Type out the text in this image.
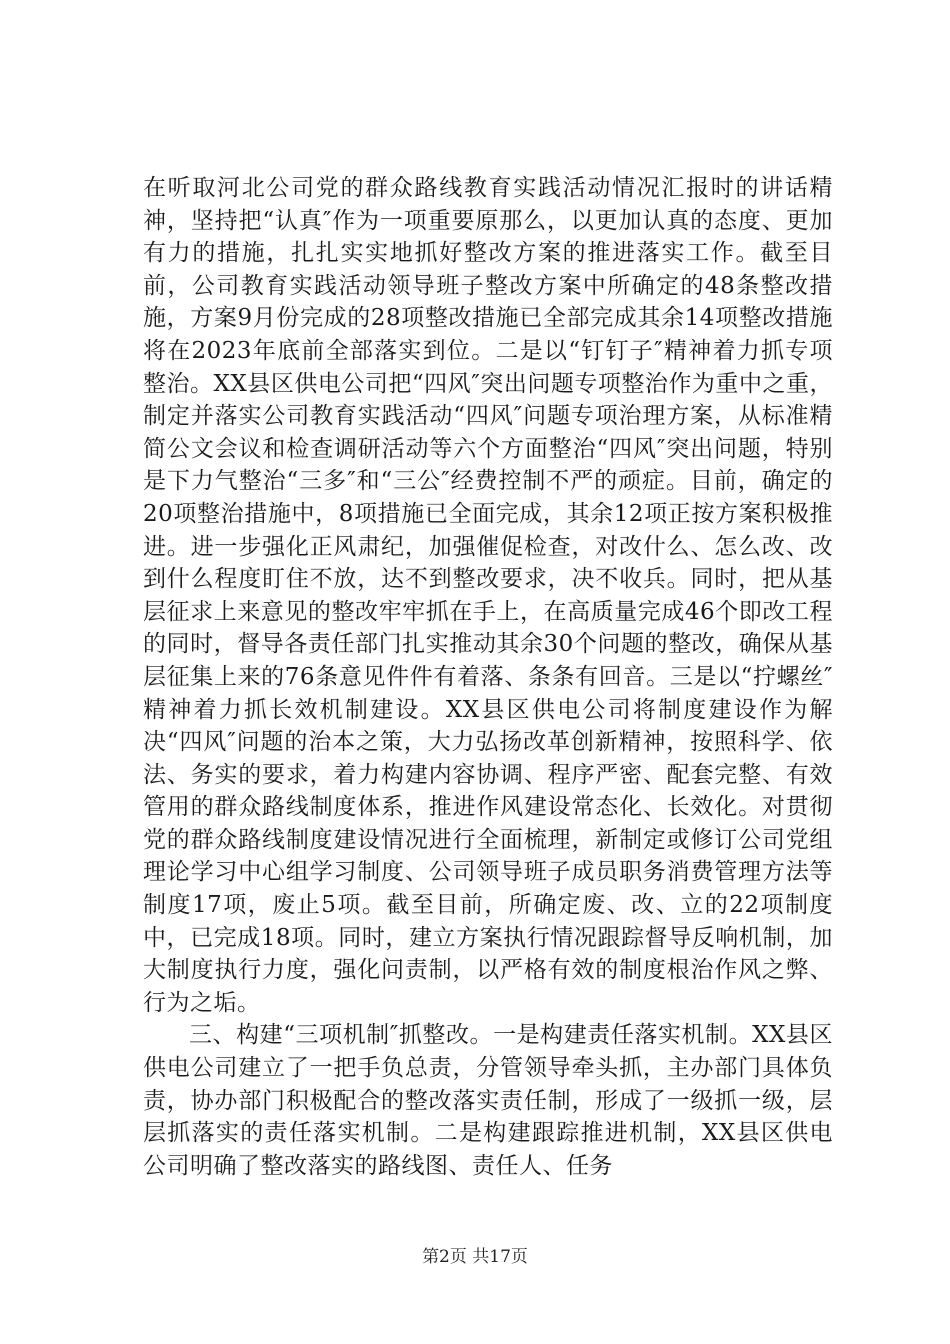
在听取河北公司党的群众路线教育实践活动情况汇报时的讲话精神，坚持把“认真″作为一项重要原那么，以更加认真的态度、更加有力的措施，扎扎实实地抓好整改方案的推进落实工作。截至目前，公司教育实践活动领导班子整改方案中所确定的48条整改措施，方案9月份完成的28项整改措施已全部完成其余14项整改措施将在2023年底前全部落实到位。二是以“钉钉子″精神着力抓专项整治。XX县区供电公司把“四风″突出问题专项整治作为重中之重，制定并落实公司教育实践活动“四风″问题专项治理方案，从标准精简公文会议和检查调研活动等六个方面整治“四风″突出问题，特别是下力气整治“三多″和“三公″经费控制不严的顽症。目前，确定的20项整治措施中，8项措施已全面完成，其余12项正按方案积极推进。进一步强化正风肃纪，加强催促检查，对改什么、怎么改、改到什么程度盯住不放，达不到整改要求，决不收兵。同时，把从基层征求上来意见的整改牢牢抓在手上，在高质量完成46个即改工程的同时，督导各责任部门扎实推动其余30个问题的整改，确保从基层征集上来的76条意见件件有着落、条条有回音。三是以“拧螺丝″精神着力抓长效机制建设。XX县区供电公司将制度建设作为解决“四风″问题的治本之策，大力弘扬改革创新精神，按照科学、依法、务实的要求，着力构建内容协调、程序严密、配套完整、有效管用的群众路线制度体系，推进作风建设常态化、长效化。对贯彻党的群众路线制度建设情况进行全面梳理，新制定或修订公司党组理论学习中心组学习制度、公司领导班子成员职务消费管理方法等制度17项，废止5项。截至目前，所确定废、改、立的22项制度中，已完成18项。同时，建立方案执行情况跟踪督导反响机制，加大制度执行力度，强化问责制，以严格有效的制度根治作风之弊、行为之垢。

三、构建“三项机制″抓整改。一是构建责任落实机制。XX县区供电公司建立了一把手负总责，分管领导牵头抓，主办部门具体负责，协办部门积极配合的整改落实责任制，形成了一级抓一级，层层抓落实的责任落实机制。二是构建跟踪推进机制，XX县区供电公司明确了整改落实的路线图、责任人、任务

第2页 共17页
